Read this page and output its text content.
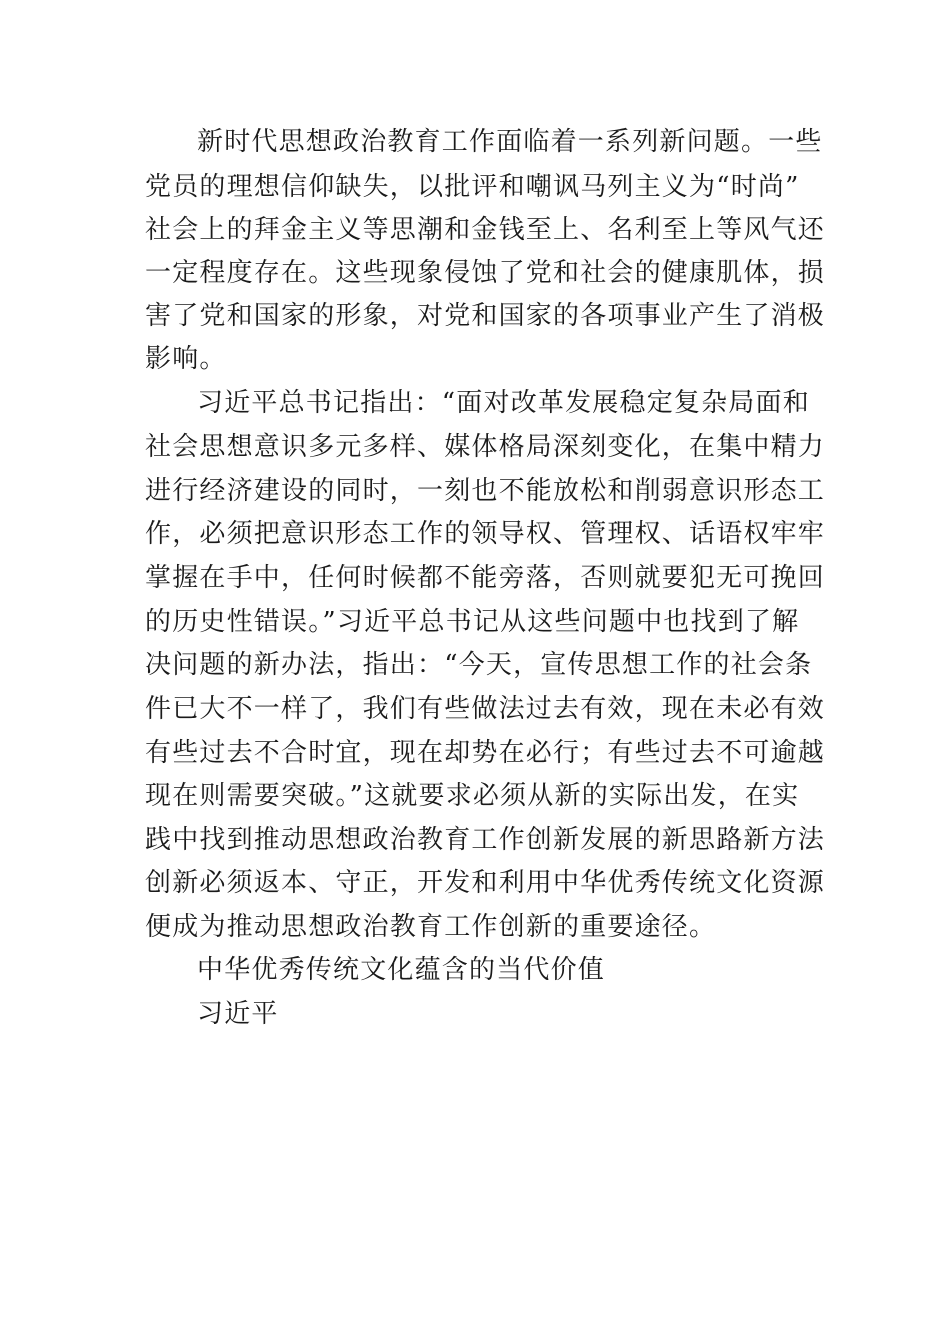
新时代思想政治教育工作面临着一系列新问题。一些
党员的理想信仰缺失，以批评和嘲讽马列主义为“时尚”
社会上的拜金主义等思潮和金钱至上、名利至上等风气还
一定程度存在。这些现象侵蚀了党和社会的健康肌体，损
害了党和国家的形象，对党和国家的各项事业产生了消极
影响。
习近平总书记指出：“面对改革发展稳定复杂局面和
社会思想意识多元多样、媒体格局深刻变化，在集中精力
进行经济建设的同时，一刻也不能放松和削弱意识形态工
作，必须把意识形态工作的领导权、管理权、话语权牢牢
掌握在手中，任何时候都不能旁落，否则就要犯无可挽回
的历史性错误。”习近平总书记从这些问题中也找到了解
决问题的新办法，指出：“今天，宣传思想工作的社会条
件已大不一样了，我们有些做法过去有效，现在未必有效
有些过去不合时宜，现在却势在必行；有些过去不可逾越
现在则需要突破。”这就要求必须从新的实际出发，在实
践中找到推动思想政治教育工作创新发展的新思路新方法
创新必须返本、守正，开发和利用中华优秀传统文化资源
便成为推动思想政治教育工作创新的重要途径。
中华优秀传统文化蕴含的当代价值
习近平
